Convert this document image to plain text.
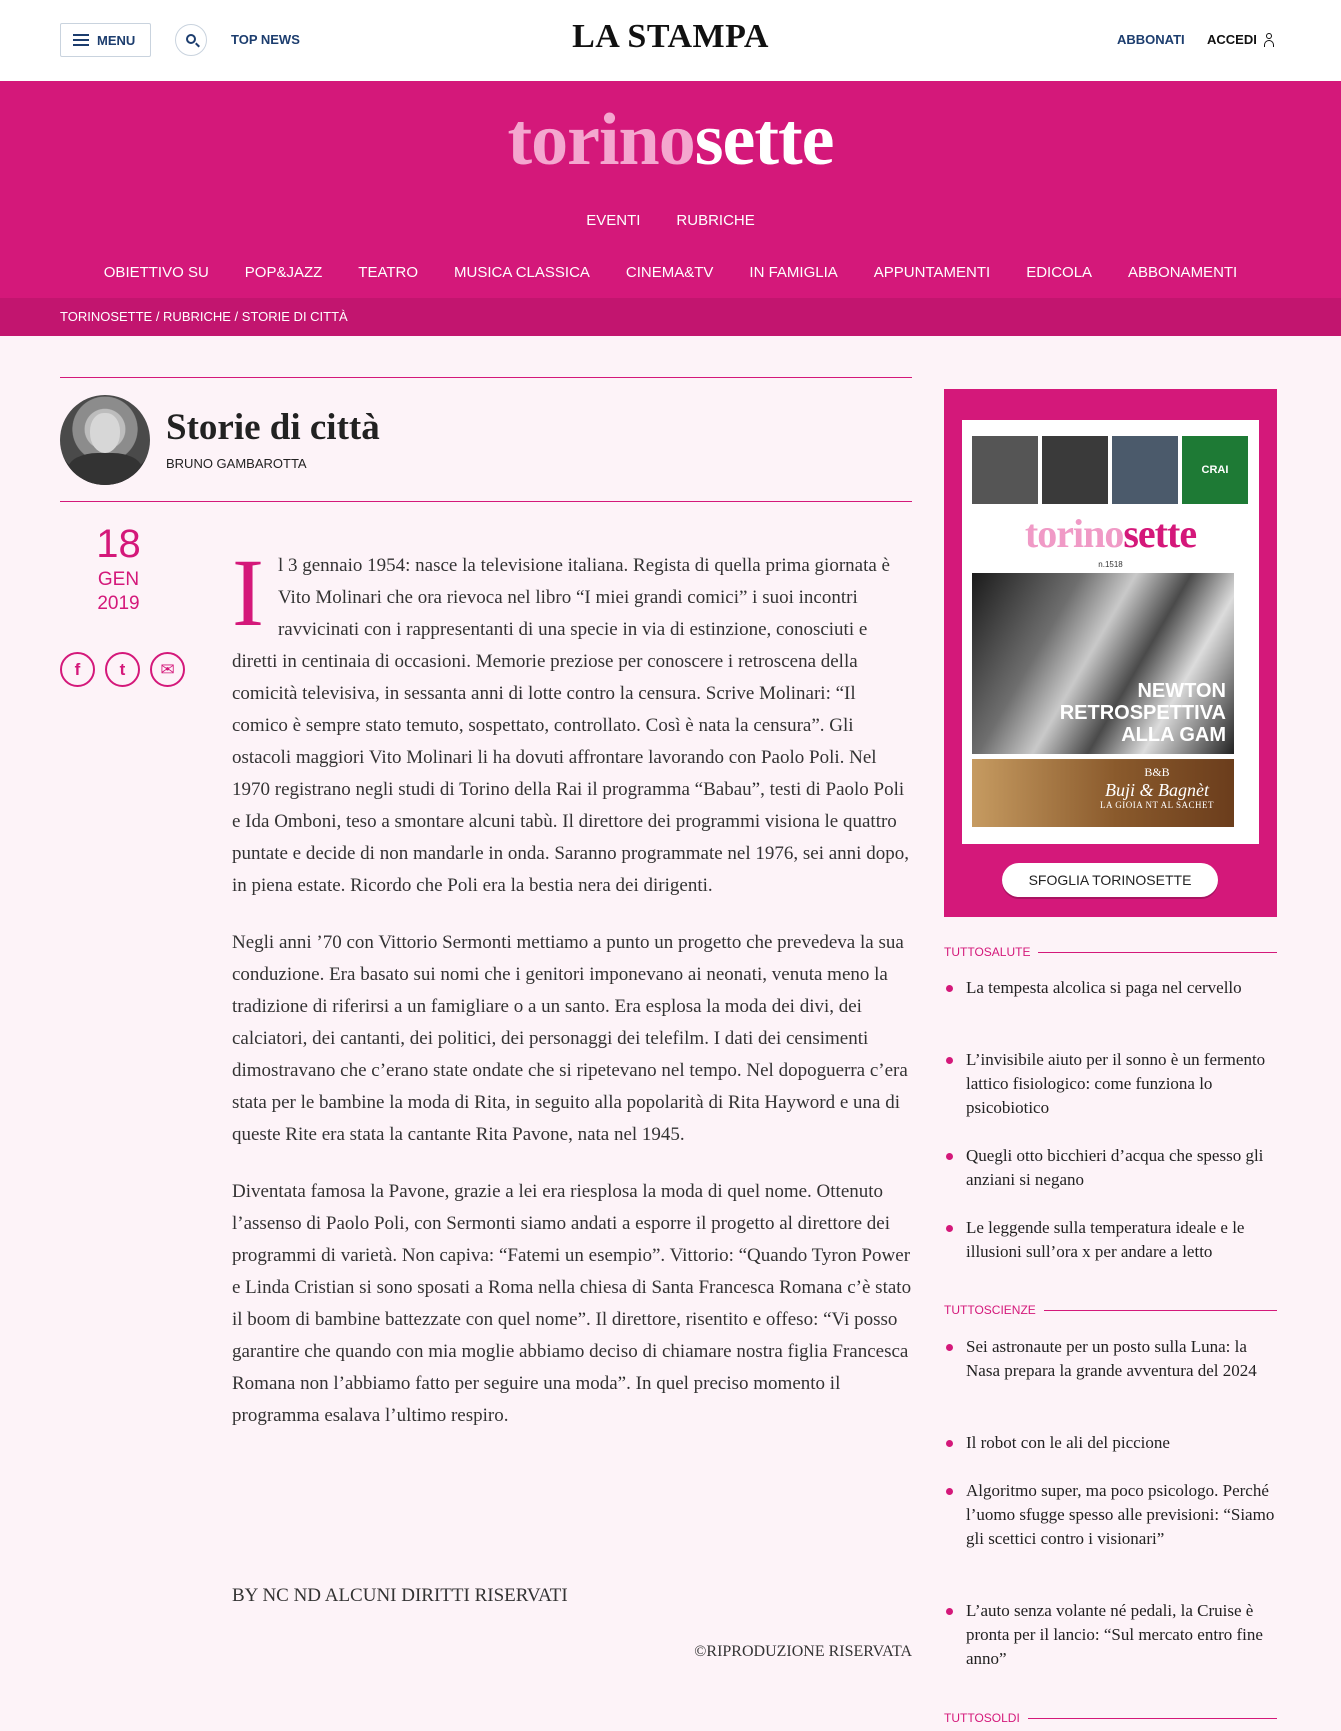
MENU	TOP NEWS	LA STAMPA	ABBONATI ACCEDI
torinosette
EVENTI RUBRICHE
OBIETTIVO SU POP&JAZZ TEATRO MUSICA CLASSICA CINEMA&TV IN FAMIGLIA APPUNTAMENTI EDICOLA ABBONAMENTI
TORINOSETTE / RUBRICHE / STORIE DI CITTÀ
Storie di città
BRUNO GAMBAROTTA
18
GEN
2019
f t ✉

Il 3 gennaio 1954: nasce la televisione italiana. Regista di quella prima giornata è Vito Molinari che ora rievoca nel libro “I miei grandi comici” i suoi incontri ravvicinati con i rappresentanti di una specie in via di estinzione, conosciuti e diretti in centinaia di occasioni. Memorie preziose per conoscere i retroscena della comicità televisiva, in sessanta anni di lotte contro la censura. Scrive Molinari: “Il comico è sempre stato temuto, sospettato, controllato. Così è nata la censura”. Gli ostacoli maggiori Vito Molinari li ha dovuti affrontare lavorando con Paolo Poli. Nel 1970 registrano negli studi di Torino della Rai il programma “Babau”, testi di Paolo Poli e Ida Omboni, teso a smontare alcuni tabù. Il direttore dei programmi visiona le quattro puntate e decide di non mandarle in onda. Saranno programmate nel 1976, sei anni dopo, in piena estate. Ricordo che Poli era la bestia nera dei dirigenti.

Negli anni ’70 con Vittorio Sermonti mettiamo a punto un progetto che prevedeva la sua conduzione. Era basato sui nomi che i genitori imponevano ai neonati, venuta meno la tradizione di riferirsi a un famigliare o a un santo. Era esplosa la moda dei divi, dei calciatori, dei cantanti, dei politici, dei personaggi dei telefilm. I dati dei censimenti dimostravano che c’erano state ondate che si ripetevano nel tempo. Nel dopoguerra c’era stata per le bambine la moda di Rita, in seguito alla popolarità di Rita Hayword e una di queste Rite era stata la cantante Rita Pavone, nata nel 1945.

Diventata famosa la Pavone, grazie a lei era riesplosa la moda di quel nome. Ottenuto l’assenso di Paolo Poli, con Sermonti siamo andati a esporre il progetto al direttore dei programmi di varietà. Non capiva: “Fatemi un esempio”. Vittorio: “Quando Tyron Power e Linda Cristian si sono sposati a Roma nella chiesa di Santa Francesca Romana c’è stato il boom di bambine battezzate con quel nome”. Il direttore, risentito e offeso: “Vi posso garantire che quando con mia moglie abbiamo deciso di chiamare nostra figlia Francesca Romana non l’abbiamo fatto per seguire una moda”. In quel preciso momento il programma esalava l’ultimo respiro.

BY NC ND ALCUNI DIRITTI RISERVATI
©RIPRODUZIONE RISERVATA
CRAI
torinosette
n.1518
NEWTON
RETROSPETTIVA
ALLA GAM
B&B
Buji & Bagnèt
LA GIOIA NT AL SACHET
SFOGLIA TORINOSETTE
TUTTOSALUTE
La tempesta alcolica si paga nel cervello
L’invisibile aiuto per il sonno è un fermento lattico fisiologico: come funziona lo psicobiotico
Quegli otto bicchieri d’acqua che spesso gli anziani si negano
Le leggende sulla temperatura ideale e le illusioni sull’ora x per andare a letto
TUTTOSCIENZE
Sei astronaute per un posto sulla Luna: la Nasa prepara la grande avventura del 2024
Il robot con le ali del piccione
Algoritmo super, ma poco psicologo. Perché l’uomo sfugge spesso alle previsioni: “Siamo gli scettici contro i visionari”
L’auto senza volante né pedali, la Cruise è pronta per il lancio: “Sul mercato entro fine anno”
TUTTOSOLDI
